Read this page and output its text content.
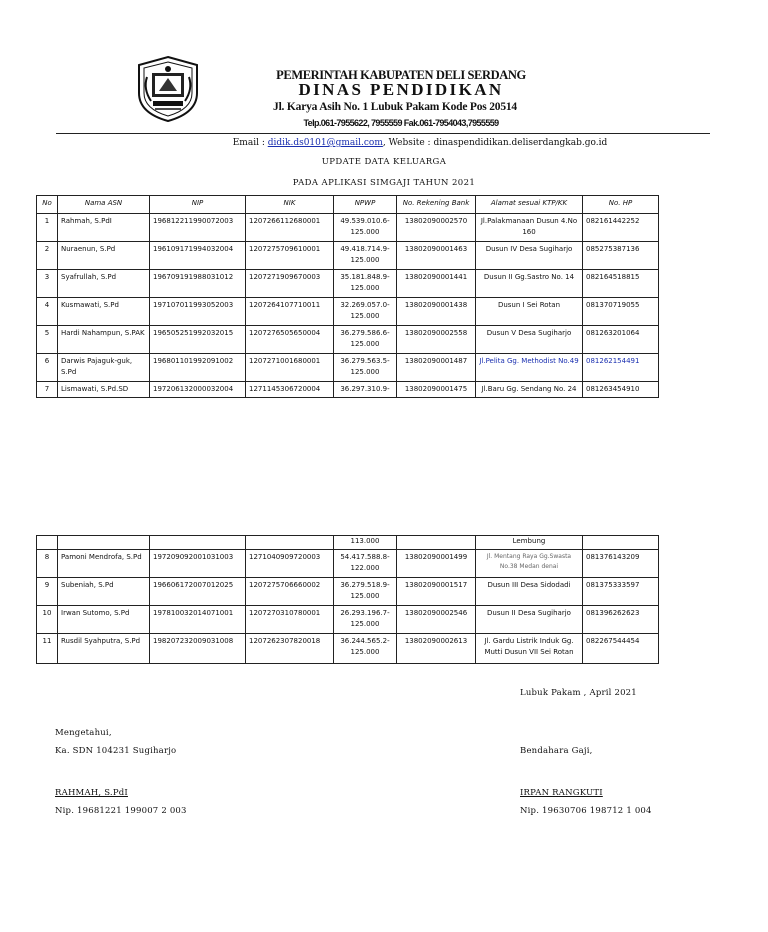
PEMERINTAH KABUPATEN DELI SERDANG
DINAS PENDIDIKAN
Jl. Karya Asih No. 1 Lubuk Pakam Kode Pos 20514
Telp.061-7955622, 7955559 Fak.061-7954043,7955559
Email : didik.ds0101@gmail.com, Website : dinaspendidikan.deliserdangkab.go.id
UPDATE DATA KELUARGA
PADA APLIKASI SIMGAJI TAHUN 2021
No	Nama ASN	NIP	NIK	NPWP	No. Rekening Bank	Alamat sesuai KTP/KK	No. HP
1	Rahmah, S.PdI	196812211990072003	1207266112680001	49.539.010.6-125.000	13802090002570	Jl.Palakmanaan Dusun 4.No 160	082161442252
2	Nuraenun, S.Pd	196109171994032004	1207275709610001	49.418.714.9-125.000	13802090001463	Dusun IV Desa Sugiharjo	085275387136
3	Syafrullah, S.Pd	196709191988031012	1207271909670003	35.181.848.9-125.000	13802090001441	Dusun II Gg.Sastro No. 14	082164518815
4	Kusmawati, S.Pd	197107011993052003	1207264107710011	32.269.057.0-125.000	13802090001438	Dusun I Sei Rotan	081370719055
5	Hardi Nahampun, S.PAK	196505251992032015	1207276505650004	36.279.586.6-125.000	13802090002558	Dusun V Desa Sugiharjo	081263201064
6	Darwis Pajaguk-guk, S.Pd	196801101992091002	1207271001680001	36.279.563.5-125.000	13802090001487	Jl.Pelita Gg. Methodist No.49	081262154491
7	Lismawati, S.Pd.SD	197206132000032004	1271145306720004	36.297.310.9-	13802090001475	Jl.Baru Gg. Sendang No. 24	081263454910
				113.000		Lembung	
8	Pamoni Mendrofa, S.Pd	197209092001031003	1271040909720003	54.417.588.8-122.000	13802090001499	Jl. Mentang Raya Gg.Swasta No.38 Medan denai	081376143209
9	Subeniah, S.Pd	196606172007012025	1207275706660002	36.279.518.9-125.000	13802090001517	Dusun III Desa Sidodadi	081375333597
10	Irwan Sutomo, S.Pd	197810032014071001	1207270310780001	26.293.196.7-125.000	13802090002546	Dusun II Desa Sugiharjo	081396262623
11	Rusdil Syahputra, S.Pd	198207232009031008	1207262307820018	36.244.565.2-125.000	13802090002613	Jl. Gardu Listrik Induk Gg. Mutti Dusun VII Sei Rotan	082267544454
Lubuk Pakam , April 2021
Mengetahui,
Ka. SDN 104231 Sugiharjo	Bendahara Gaji,
RAHMAH, S.PdI	IRPAN RANGKUTI
Nip. 19681221 199007 2 003	Nip. 19630706 198712 1 004
